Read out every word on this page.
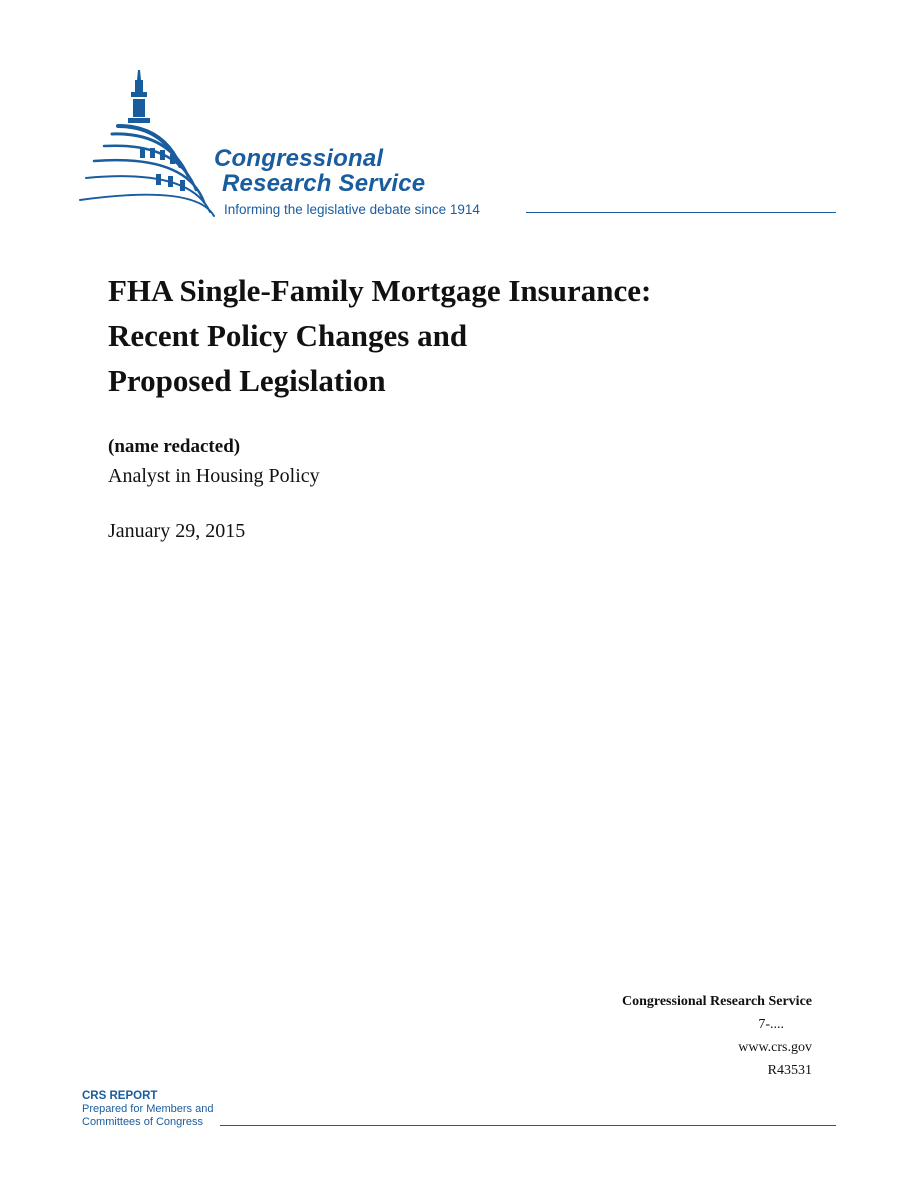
Congressional
Research Service
Informing the legislative debate since 1914
FHA Single-Family Mortgage Insurance:
Recent Policy Changes and
Proposed Legislation
(name redacted)
Analyst in Housing Policy
January 29, 2015
Congressional Research Service
7-....
www.crs.gov
R43531
CRS REPORT
Prepared for Members and
Committees of Congress
